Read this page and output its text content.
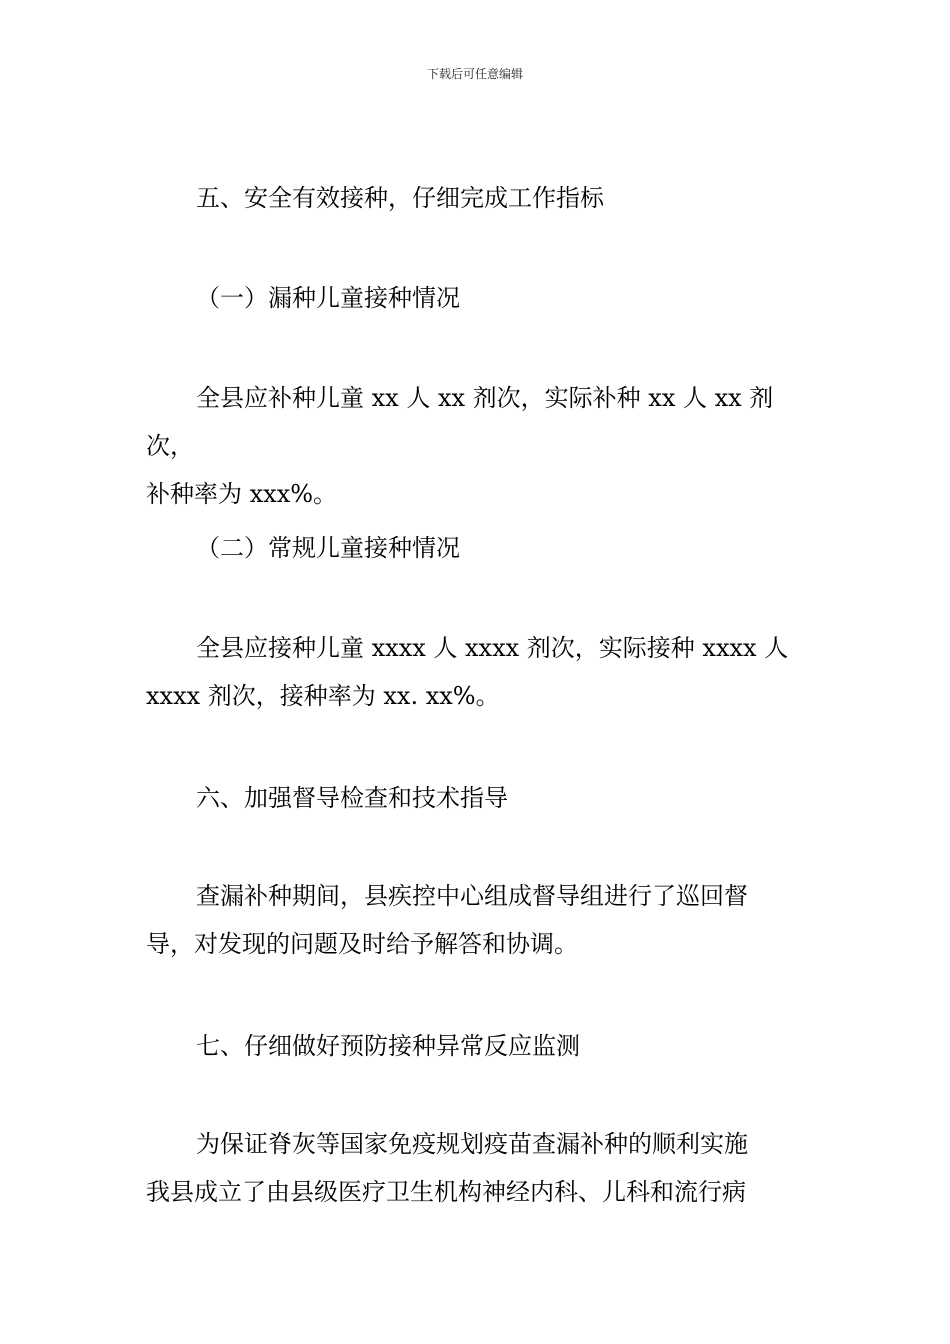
下载后可任意编辑

五、安全有效接种，仔细完成工作指标

（一）漏种儿童接种情况

全县应补种儿童 xx 人 xx 剂次，实际补种 xx 人 xx 剂次，
补种率为 xxx%。

（二）常规儿童接种情况

全县应接种儿童 xxxx 人 xxxx 剂次，实际接种 xxxx 人
xxxx 剂次，接种率为 xx. xx%。

六、加强督导检查和技术指导

查漏补种期间，县疾控中心组成督导组进行了巡回督
导，对发现的问题及时给予解答和协调。

七、仔细做好预防接种异常反应监测

为保证脊灰等国家免疫规划疫苗查漏补种的顺利实施
我县成立了由县级医疗卫生机构神经内科、儿科和流行病
